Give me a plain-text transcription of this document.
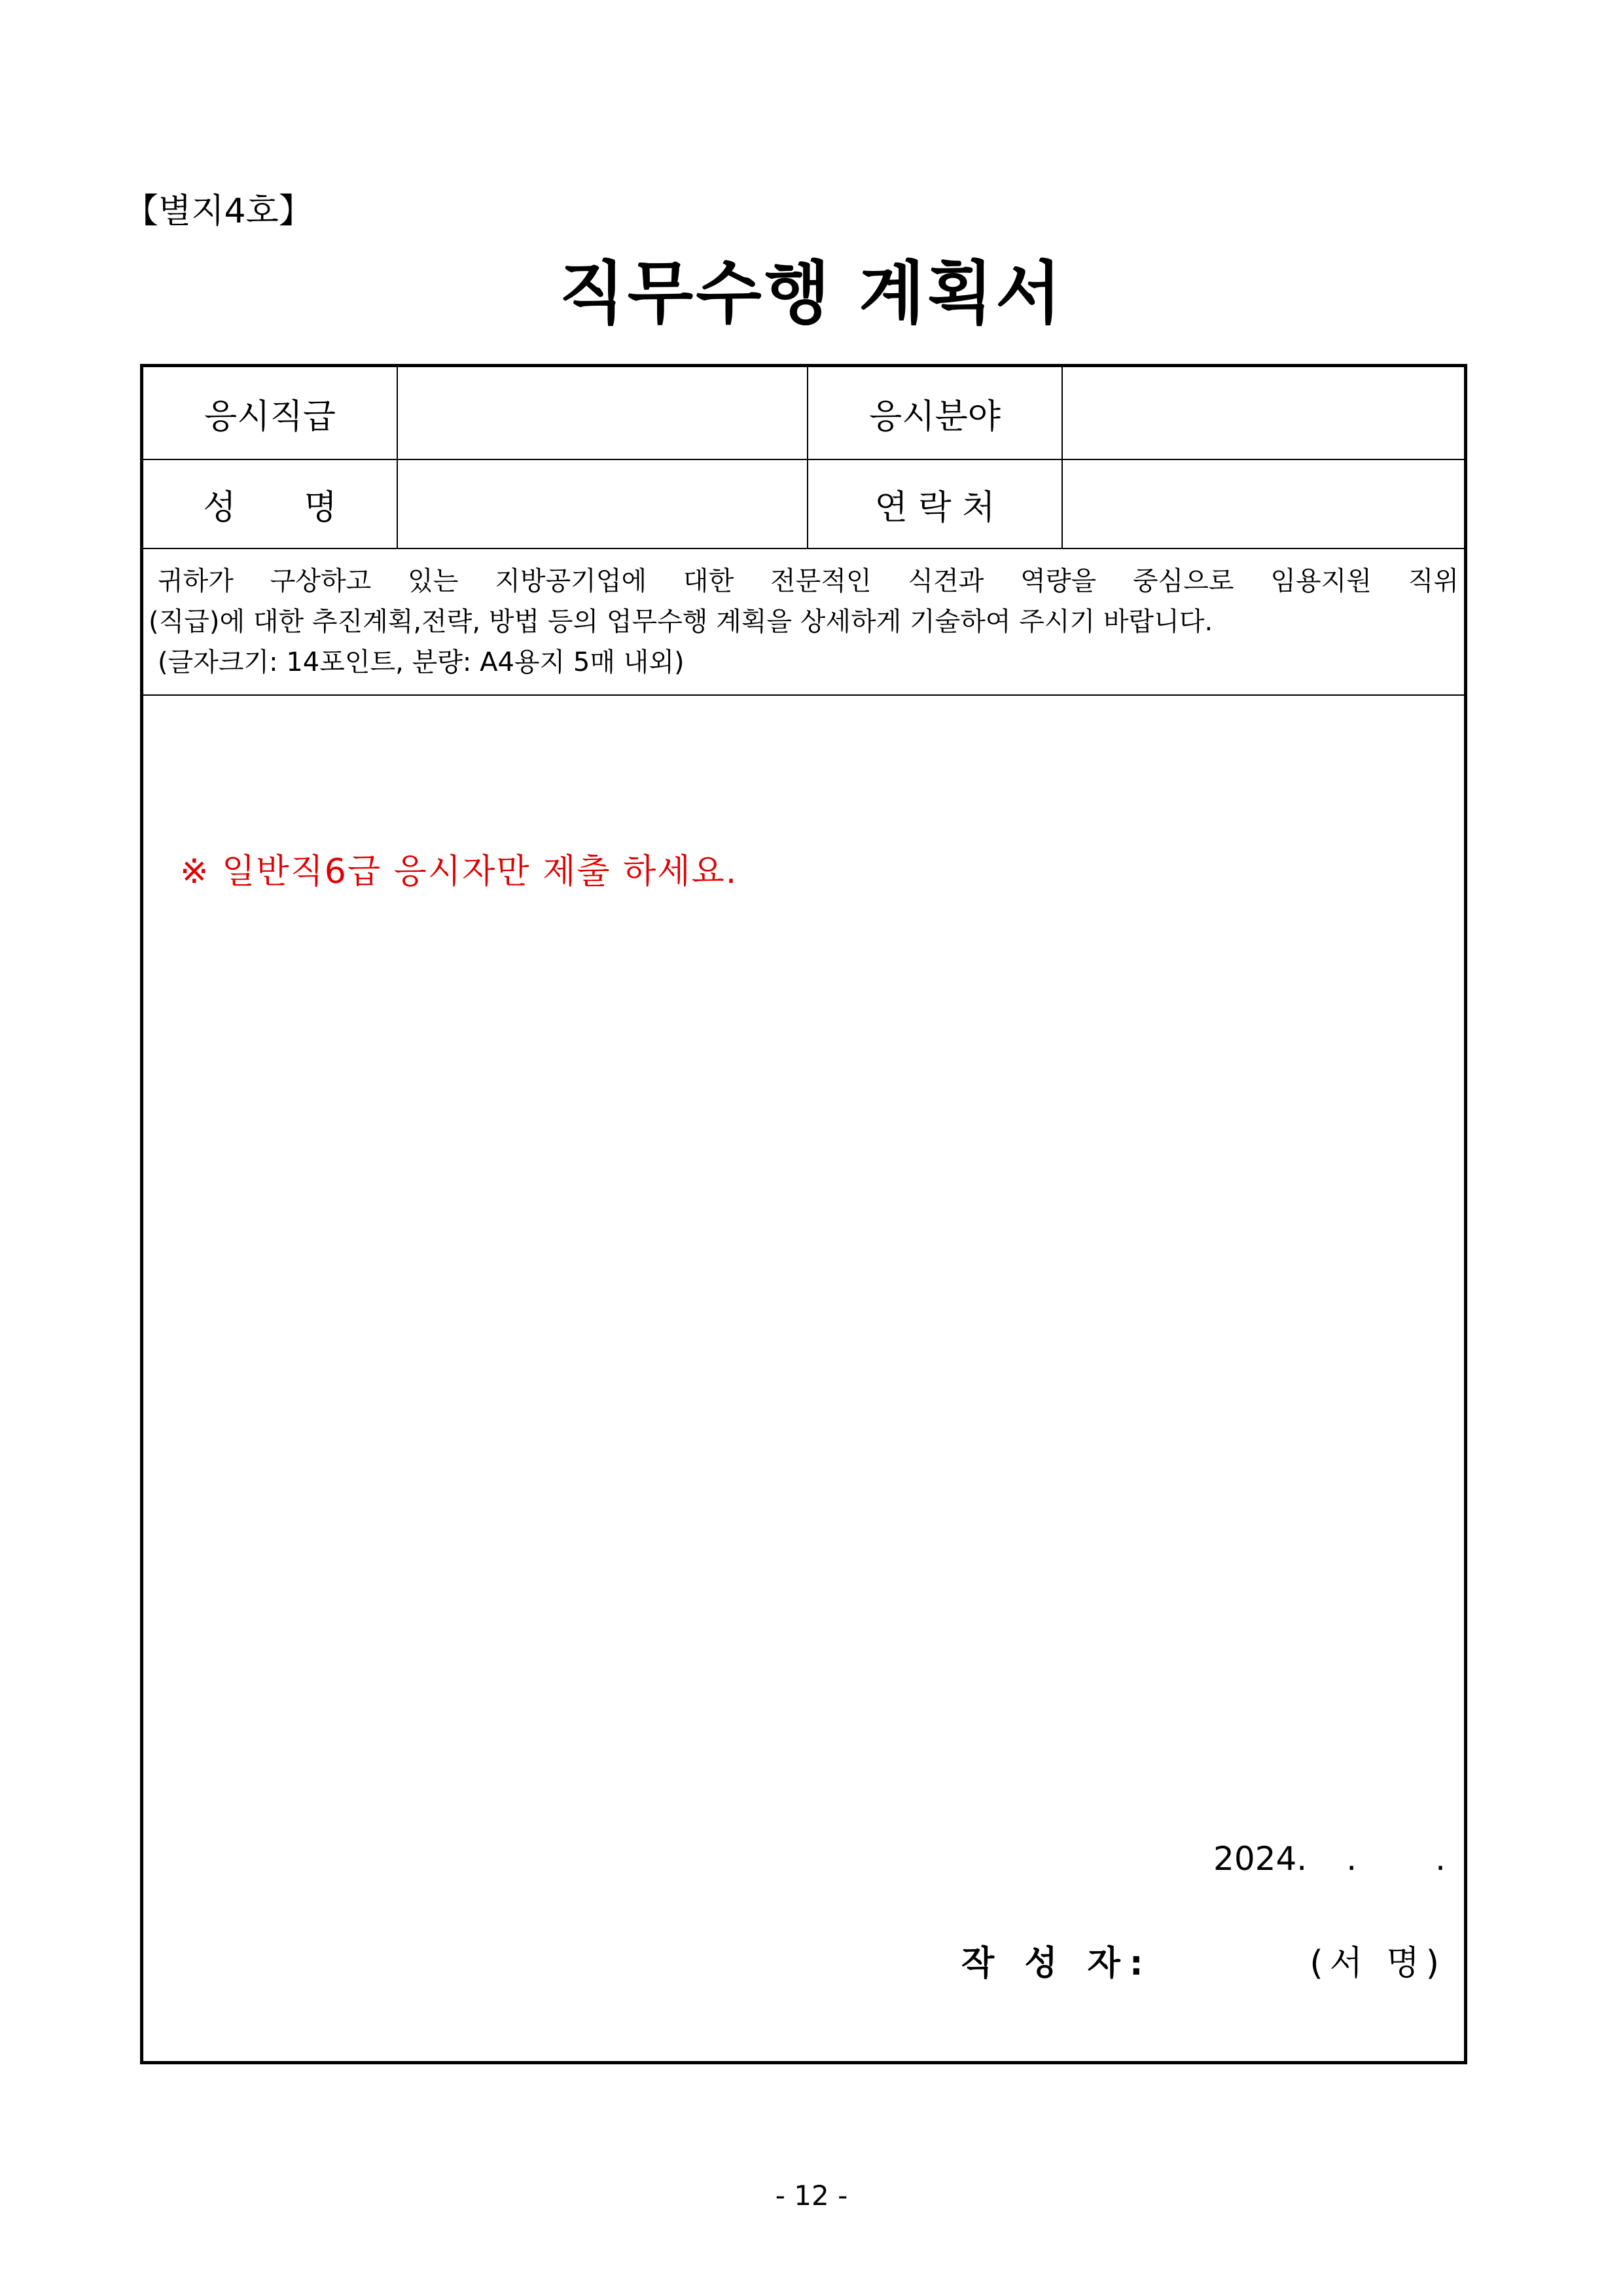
【별지4호】
직무수행 계획서
응시직급	응시분야
성　　명	연 락 처
귀하가 구상하고 있는 지방공기업에 대한 전문적인 식견과 역량을 중심으로 임용지원 직위
(직급)에 대한 추진계획,전략, 방법 등의 업무수행 계획을 상세하게 기술하여 주시기 바랍니다.
(글자크기: 14포인트, 분량: A4용지 5매 내외)
※ 일반직6급 응시자만 제출 하세요.
2024. . .
작 성 자:	(서 명)
- 12 -
